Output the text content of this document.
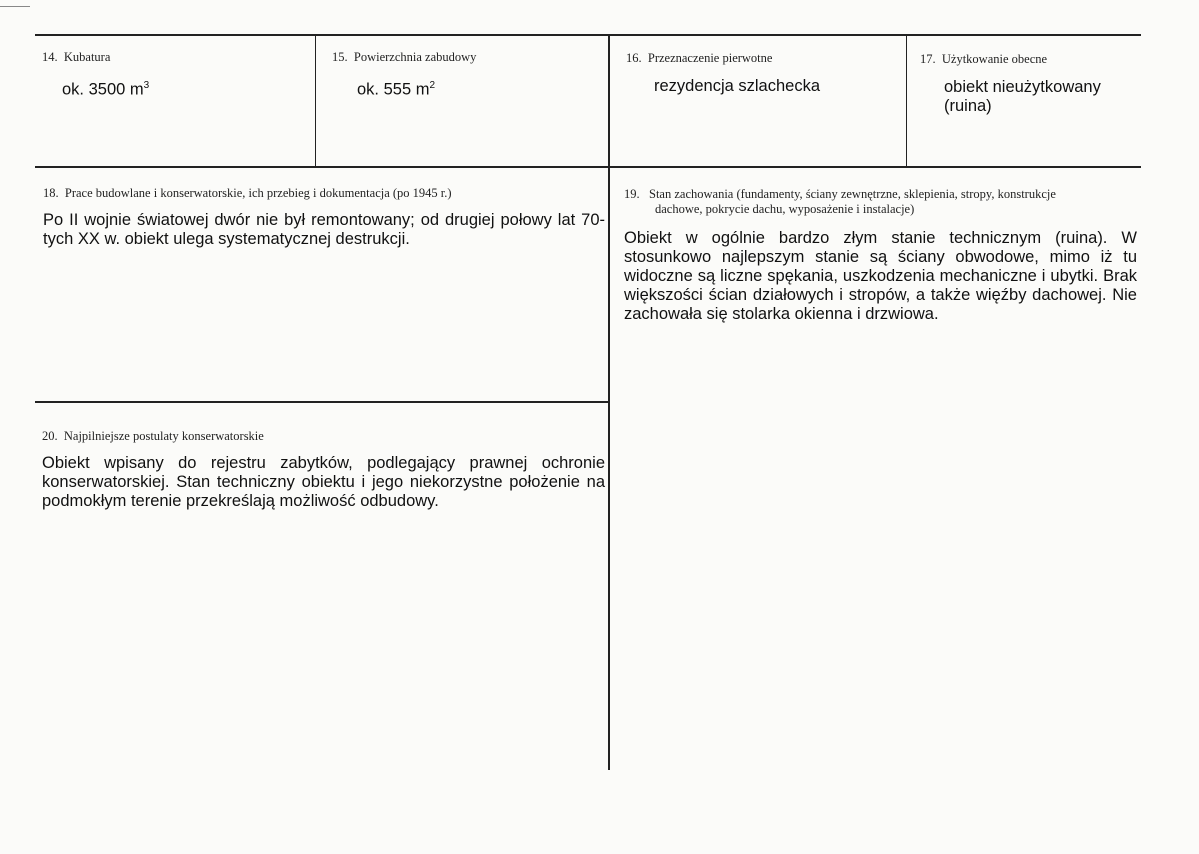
14. Kubatura
ok. 3500 $m^3$
15. Powierzchnia zabudowy
ok. 555 $m^2$
16. Przeznaczenie pierwotne
rezydencja szlachecka
17. Użytkowanie obecne
obiekt nieużytkowany (ruina)
18. Prace budowlane i konserwatorskie, ich przebieg i dokumentacja (po 1945 r.)
Po II wojnie światowej dwór nie był remontowany; od drugiej połowy lat 70-tych XX w. obiekt ulega systematycznej destrukcji.
19. Stan zachowania (fundamenty, ściany zewnętrzne, sklepienia, stropy, konstrukcje
dachowe, pokrycie dachu, wyposażenie i instalacje)
Obiekt w ogólnie bardzo złym stanie technicznym (ruina). W stosunkowo najlepszym stanie są ściany obwodowe, mimo iż tu widoczne są liczne spękania, uszkodzenia mechaniczne i ubytki. Brak większości ścian działowych i stropów, a także więźby dachowej. Nie zachowała się stolarka okienna i drzwiowa.
20. Najpilniejsze postulaty konserwatorskie
Obiekt wpisany do rejestru zabytków, podlegający prawnej ochronie konserwatorskiej. Stan techniczny obiektu i jego niekorzystne położenie na podmokłym terenie przekreślają możliwość odbudowy.
